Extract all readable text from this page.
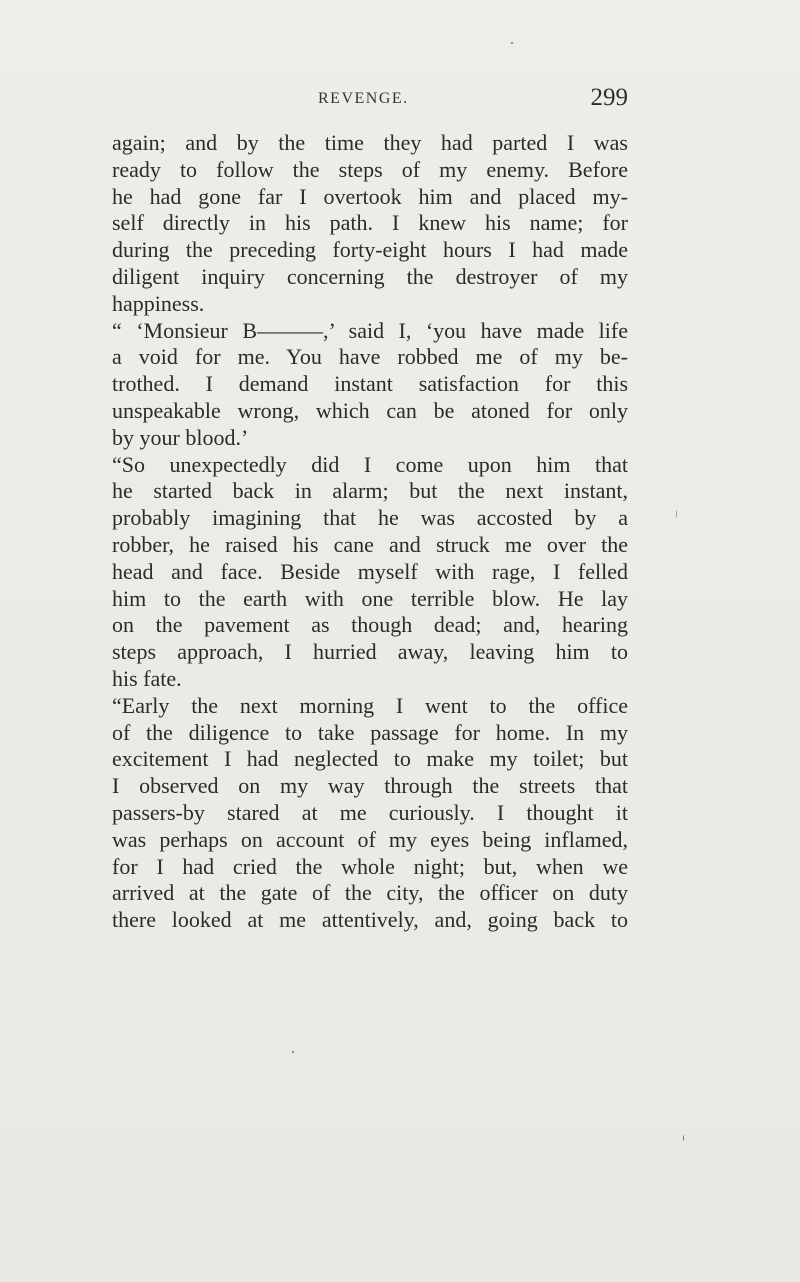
REVENGE.	299
again; and by the time they had parted I was
ready to follow the steps of my enemy. Before
he had gone far I overtook him and placed my-
self directly in his path. I knew his name; for
during the preceding forty-eight hours I had made
diligent inquiry concerning the destroyer of my
happiness.
“ ‘Monsieur B———,’ said I, ‘you have made life
a void for me. You have robbed me of my be-
trothed. I demand instant satisfaction for this
unspeakable wrong, which can be atoned for only
by your blood.’
“So unexpectedly did I come upon him that
he started back in alarm; but the next instant,
probably imagining that he was accosted by a
robber, he raised his cane and struck me over the
head and face. Beside myself with rage, I felled
him to the earth with one terrible blow. He lay
on the pavement as though dead; and, hearing
steps approach, I hurried away, leaving him to
his fate.
“Early the next morning I went to the office
of the diligence to take passage for home. In my
excitement I had neglected to make my toilet; but
I observed on my way through the streets that
passers-by stared at me curiously. I thought it
was perhaps on account of my eyes being inflamed,
for I had cried the whole night; but, when we
arrived at the gate of the city, the officer on duty
there looked at me attentively, and, going back to
